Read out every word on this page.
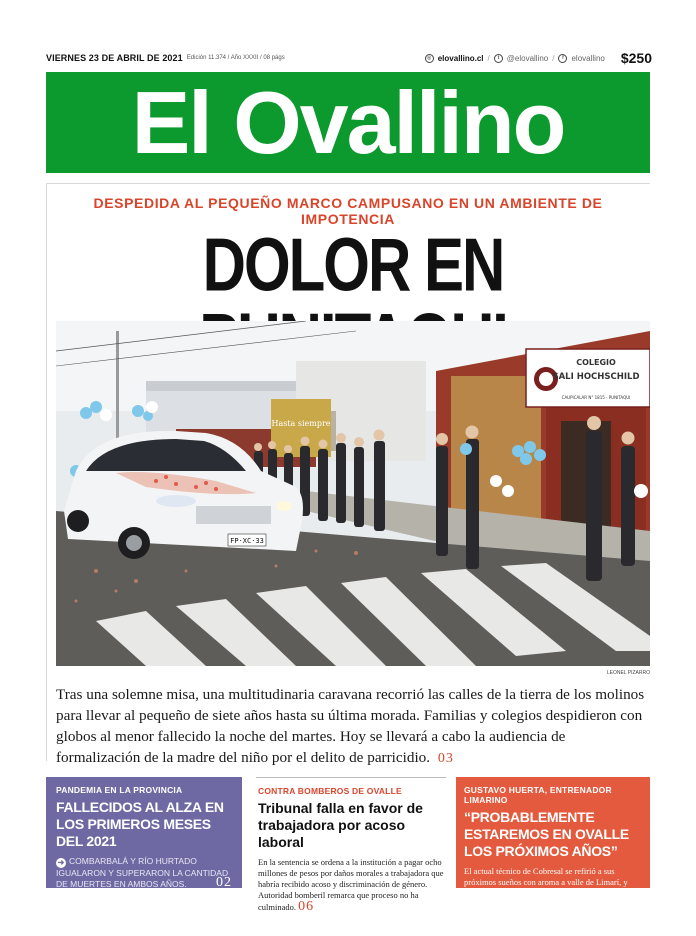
VIERNES 23 DE ABRIL DE 2021 Edición 11.374 / Año XXXII / 08 págs	◎ elovallino.cl /	t @elovallino /	f elovallino $250
El Ovallino
DESPEDIDA AL PEQUEÑO MARCO CAMPUSANO EN UN AMBIENTE DE IMPOTENCIA
DOLOR EN
Hasta siempre
COLEGIO
SALI HOCHSCHILD
CAUPICALAR N° 1815 - PUNITAQUI
FP·XC·33
LEONEL PIZARRO
Tras una solemne misa, una multitudinaria caravana recorrió las calles de la tierra de los molinos para llevar al pequeño de siete años hasta su última morada. Familias y colegios despidieron con globos al menor fallecido la noche del martes. Hoy se llevará a cabo la audiencia de formalización de la madre del niño por el delito de parricidio. 03
PANDEMIA EN LA PROVINCIA
FALLECIDOS AL ALZA EN LOS PRIMEROS MESES DEL 2021
➜ COMBARBALÁ Y RÍO HURTADO IGUALARON Y SUPERARON LA CANTIDAD DE MUERTES EN AMBOS AÑOS. 02
CONTRA BOMBEROS DE OVALLE
Tribunal falla en favor de trabajadora por acoso laboral
En la sentencia se ordena a la institución a pagar ocho millones de pesos por daños morales a trabajadora que habría recibido acoso y discriminación de género. Autoridad bomberil remarca que proceso no ha culminado. 06
GUSTAVO HUERTA, ENTRENADOR LIMARINO
“PROBABLEMENTE ESTAREMOS EN OVALLE LOS PRÓXIMOS AÑOS”
El actual técnico de Cobresal se refirió a sus próximos sueños con aroma a valle de Limarí, y reveló un encuentro con Miguel Nasur. 08
